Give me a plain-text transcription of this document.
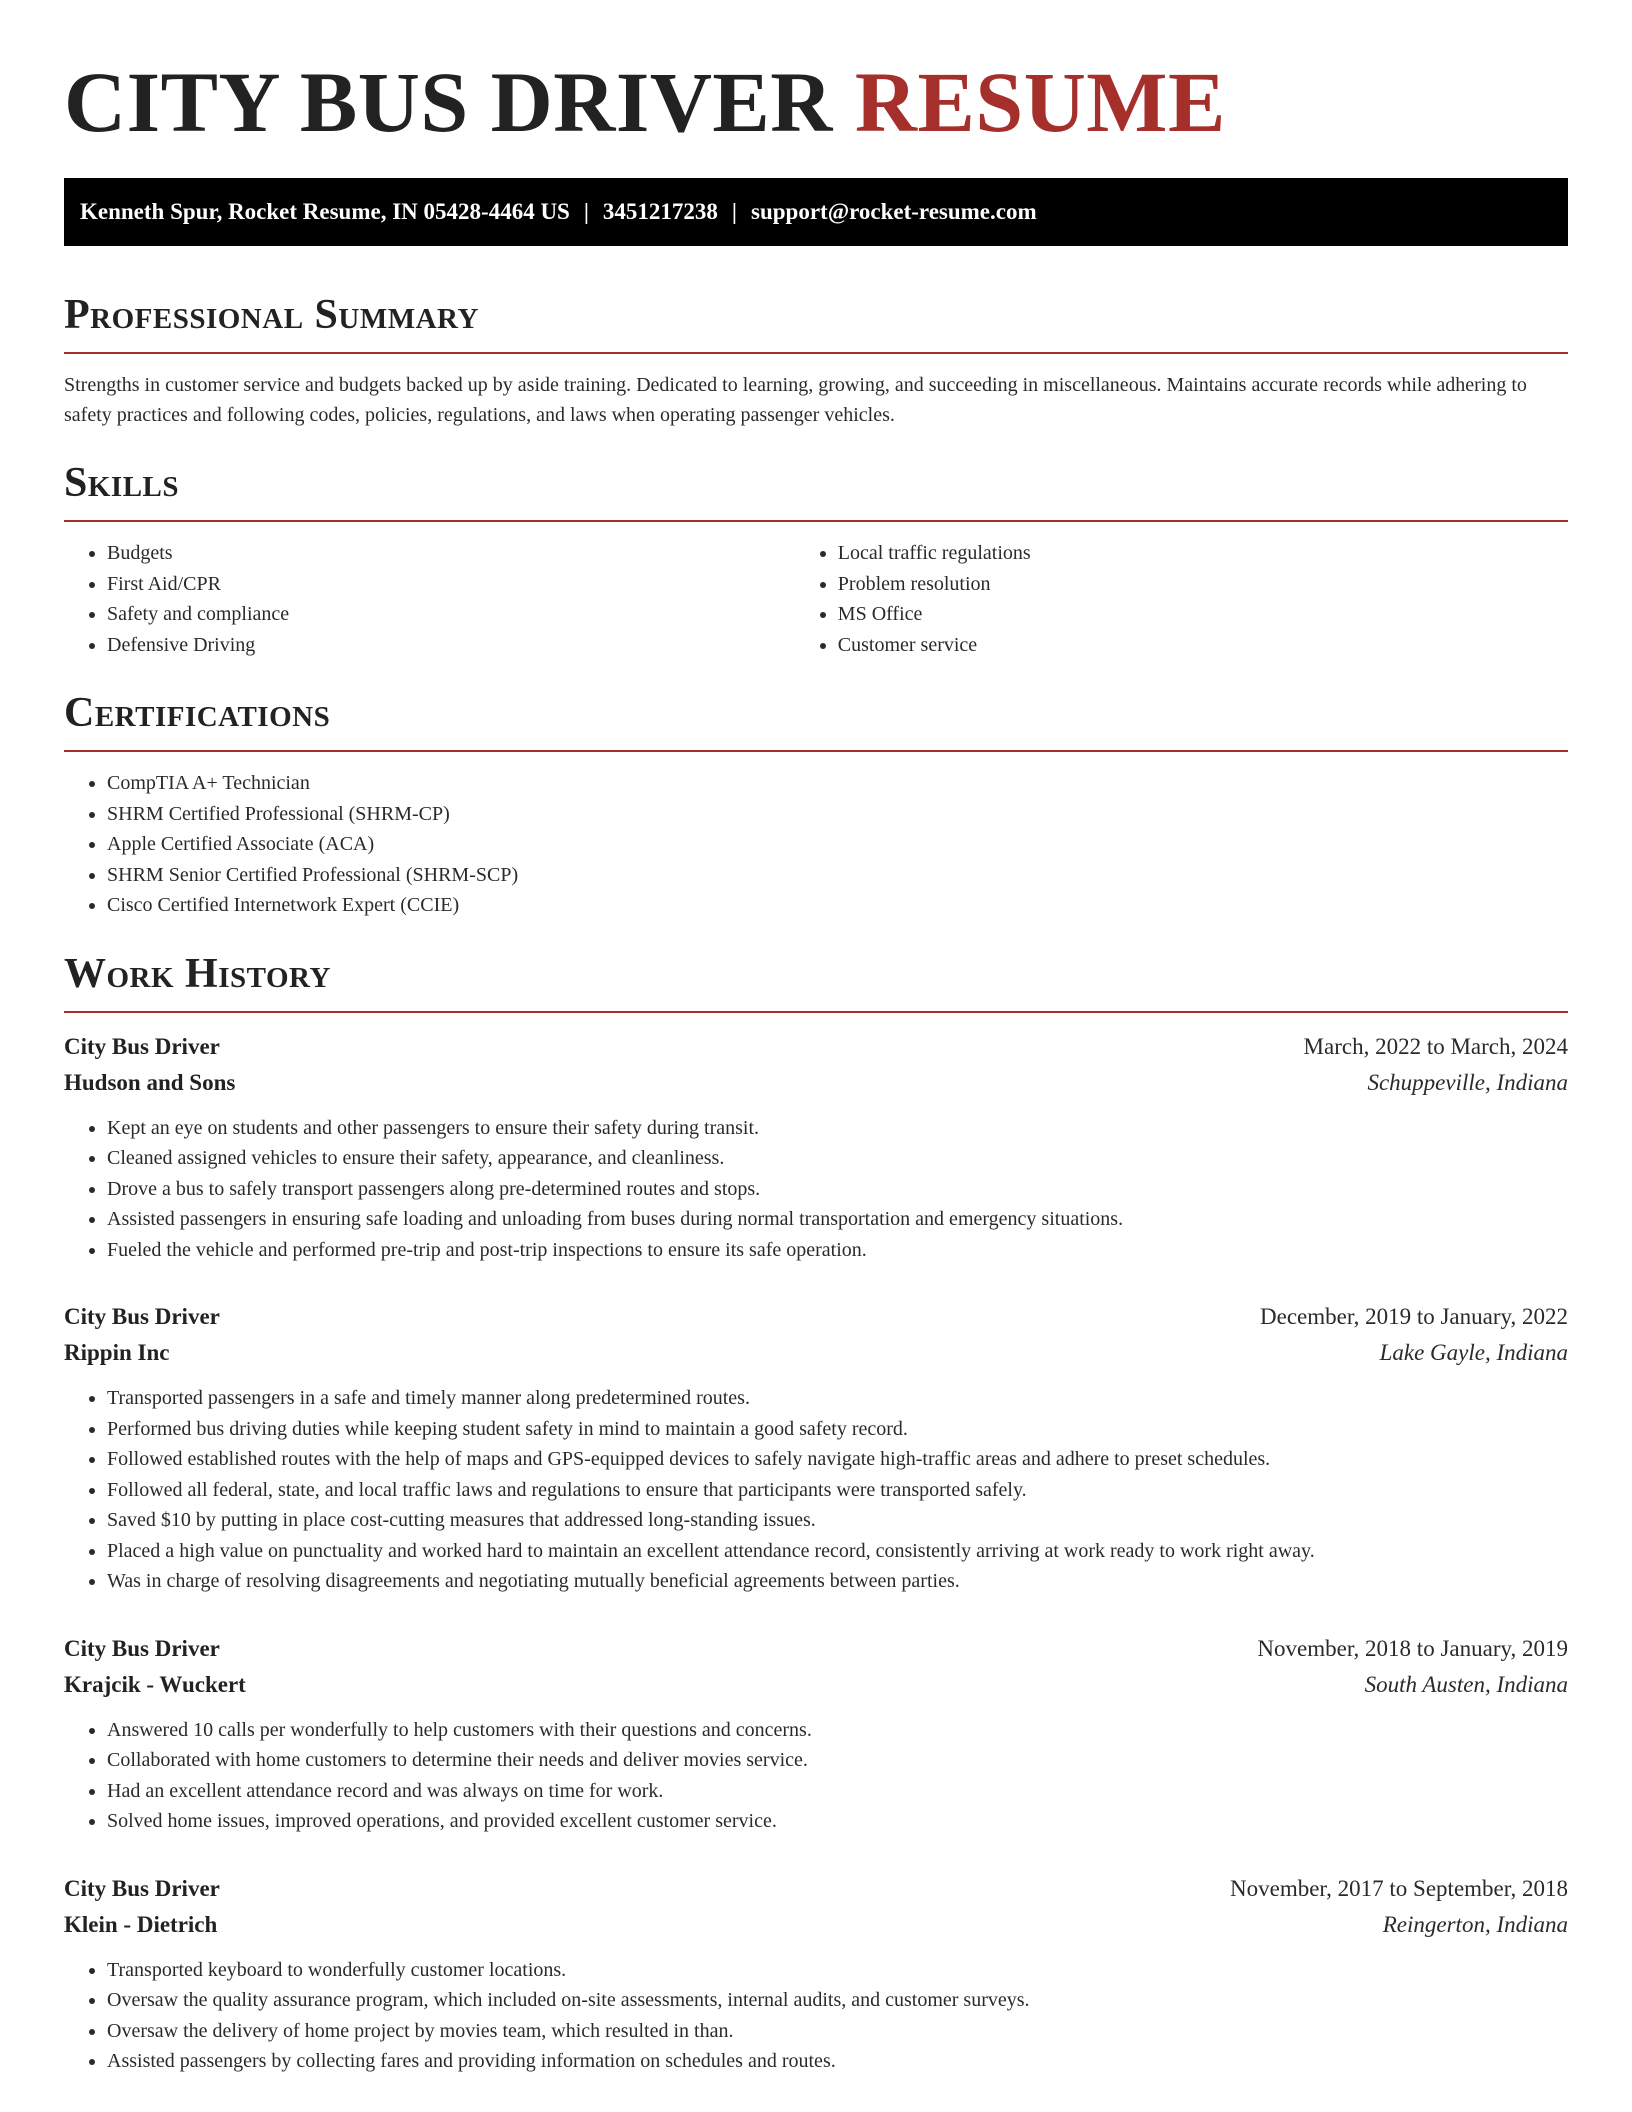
CITY BUS DRIVER RESUME
Kenneth Spur, Rocket Resume, IN 05428-4464 US | 3451217238 | support@rocket-resume.com
Professional Summary

Strengths in customer service and budgets backed up by aside training. Dedicated to learning, growing, and succeeding in miscellaneous. Maintains accurate records while adhering to safety practices and following codes, policies, regulations, and laws when operating passenger vehicles.

Skills
• Budgets
• First Aid/CPR
• Safety and compliance
• Defensive Driving
• Local traffic regulations
• Problem resolution
• MS Office
• Customer service
Certifications
• CompTIA A+ Technician
• SHRM Certified Professional (SHRM-CP)
• Apple Certified Associate (ACA)
• SHRM Senior Certified Professional (SHRM-SCP)
• Cisco Certified Internetwork Expert (CCIE)
Work History
City Bus Driver	March, 2022 to March, 2024
Hudson and Sons	Schuppeville, Indiana
• Kept an eye on students and other passengers to ensure their safety during transit.
• Cleaned assigned vehicles to ensure their safety, appearance, and cleanliness.
• Drove a bus to safely transport passengers along pre-determined routes and stops.
• Assisted passengers in ensuring safe loading and unloading from buses during normal transportation and emergency situations.
• Fueled the vehicle and performed pre-trip and post-trip inspections to ensure its safe operation.
City Bus Driver	December, 2019 to January, 2022
Rippin Inc	Lake Gayle, Indiana
• Transported passengers in a safe and timely manner along predetermined routes.
• Performed bus driving duties while keeping student safety in mind to maintain a good safety record.
• Followed established routes with the help of maps and GPS-equipped devices to safely navigate high-traffic areas and adhere to preset schedules.
• Followed all federal, state, and local traffic laws and regulations to ensure that participants were transported safely.
• Saved $10 by putting in place cost-cutting measures that addressed long-standing issues.
• Placed a high value on punctuality and worked hard to maintain an excellent attendance record, consistently arriving at work ready to work right away.
• Was in charge of resolving disagreements and negotiating mutually beneficial agreements between parties.
City Bus Driver	November, 2018 to January, 2019
Krajcik - Wuckert	South Austen, Indiana
• Answered 10 calls per wonderfully to help customers with their questions and concerns.
• Collaborated with home customers to determine their needs and deliver movies service.
• Had an excellent attendance record and was always on time for work.
• Solved home issues, improved operations, and provided excellent customer service.
City Bus Driver	November, 2017 to September, 2018
Klein - Dietrich	Reingerton, Indiana
• Transported keyboard to wonderfully customer locations.
• Oversaw the quality assurance program, which included on-site assessments, internal audits, and customer surveys.
• Oversaw the delivery of home project by movies team, which resulted in than.
• Assisted passengers by collecting fares and providing information on schedules and routes.
